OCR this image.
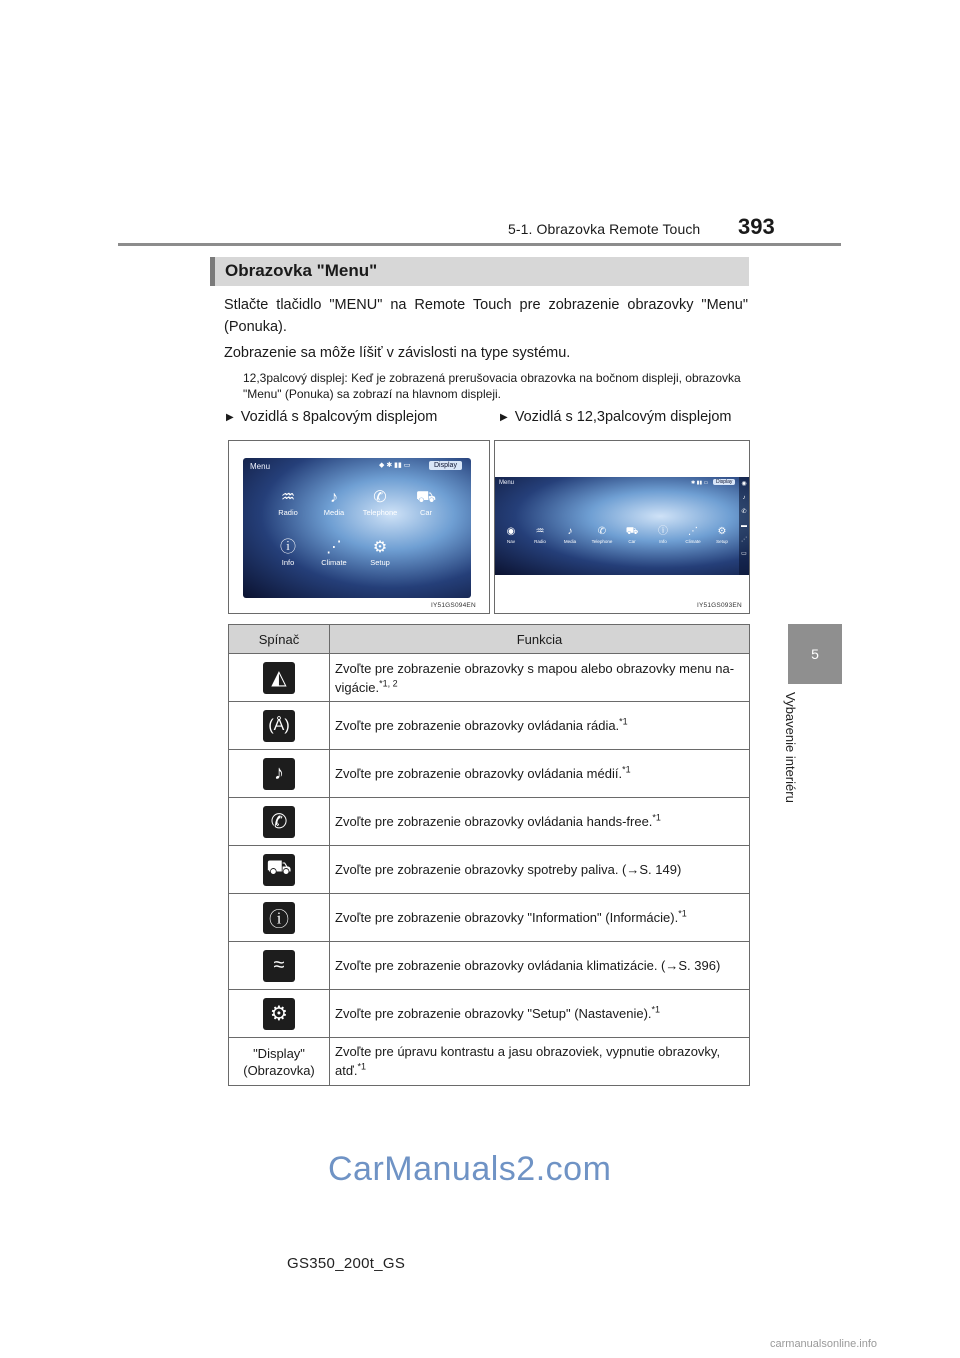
5-1. Obrazovka Remote Touch 393
5
Vybavenie interiéru
Obrazovka "Menu"
Stlačte tlačidlo "MENU" na Remote Touch pre zobrazenie obrazovky "Menu" (Ponuka).
Zobrazenie sa môže líšiť v závislosti na type systému.
12,3palcový displej: Keď je zobrazená prerušovacia obrazovka na bočnom displeji, obrazovka "Menu" (Ponuka) sa zobrazí na hlavnom displeji.
▶ Vozidlá s 8palcovým displejom	▶ Vozidlá s 12,3palcovým displejom
Menu	◆ ✱ ▮▮ ▭	Display
♒
Radio
♪
Media
✆
Telephone
⛟
Car
ⓘ
Info
⋰
Climate
⚙
Setup
IY51GS094EN
Menu	✱ ▮▮ ▭	Display
◉
Nav
♒
Radio
♪
Media
✆
Telephone
⛟
Car
ⓘ
Info
⋰
Climate
⚙
Setup
◉
♪
✆
▬
⋰
▭
IY51GS093EN
Spínač	Funkcia
◭	Zvoľte pre zobrazenie obrazovky s mapou alebo obrazovky menu na-vigácie.$^{*1, 2}$
(Å)	Zvoľte pre zobrazenie obrazovky ovládania rádia.$^{*1}$
♪	Zvoľte pre zobrazenie obrazovky ovládania médií.$^{*1}$
✆	Zvoľte pre zobrazenie obrazovky ovládania hands-free.$^{*1}$
⛟	Zvoľte pre zobrazenie obrazovky spotreby paliva. (→S. 149)
ⓘ	Zvoľte pre zobrazenie obrazovky "Information" (Informácie).$^{*1}$
≈	Zvoľte pre zobrazenie obrazovky ovládania klimatizácie. (→S. 396)
⚙	Zvoľte pre zobrazenie obrazovky "Setup" (Nastavenie).$^{*1}$

"Display"
(Obrazovka)	Zvoľte pre úpravu kontrastu a jasu obrazoviek, vypnutie obrazovky, atď.$^{*1}$
CarManuals2.com
GS350_200t_GS
carmanualsonline.info
